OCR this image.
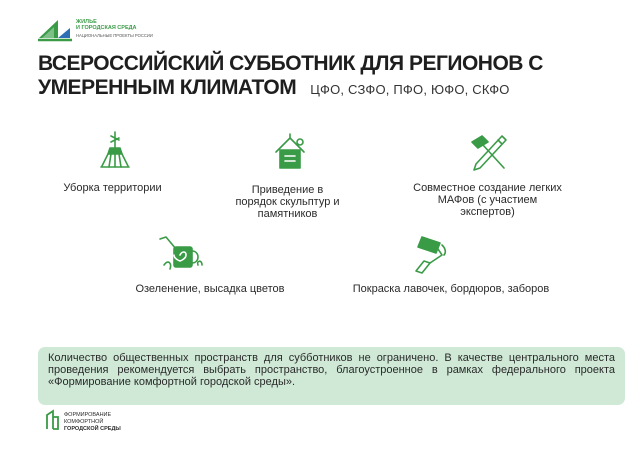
ЖИЛЬЕ
И ГОРОДСКАЯ СРЕДА
НАЦИОНАЛЬНЫЕ ПРОЕКТЫ РОССИИ
ВСЕРОССИЙСКИЙ СУББОТНИК ДЛЯ РЕГИОНОВ С
УМЕРЕННЫМ КЛИМАТОМ ЦФО, СЗФО, ПФО, ЮФО, СКФО
Уборка территории	Приведение в
порядок скульптур и
памятников
Совместное создание легких
МАФов (с участием
экспертов)
Озеленение, высадка цветов	Покраска лавочек, бордюров, заборов

Количество общественных пространств для субботников не ограничено. В качестве центрального места проведения рекомендуется выбрать пространство, благоустроенное в рамках федерального проекта «Формирование комфортной городской среды».

ФОРМИРОВАНИЕ
КОМФОРТНОЙ
ГОРОДСКОЙ СРЕДЫ
